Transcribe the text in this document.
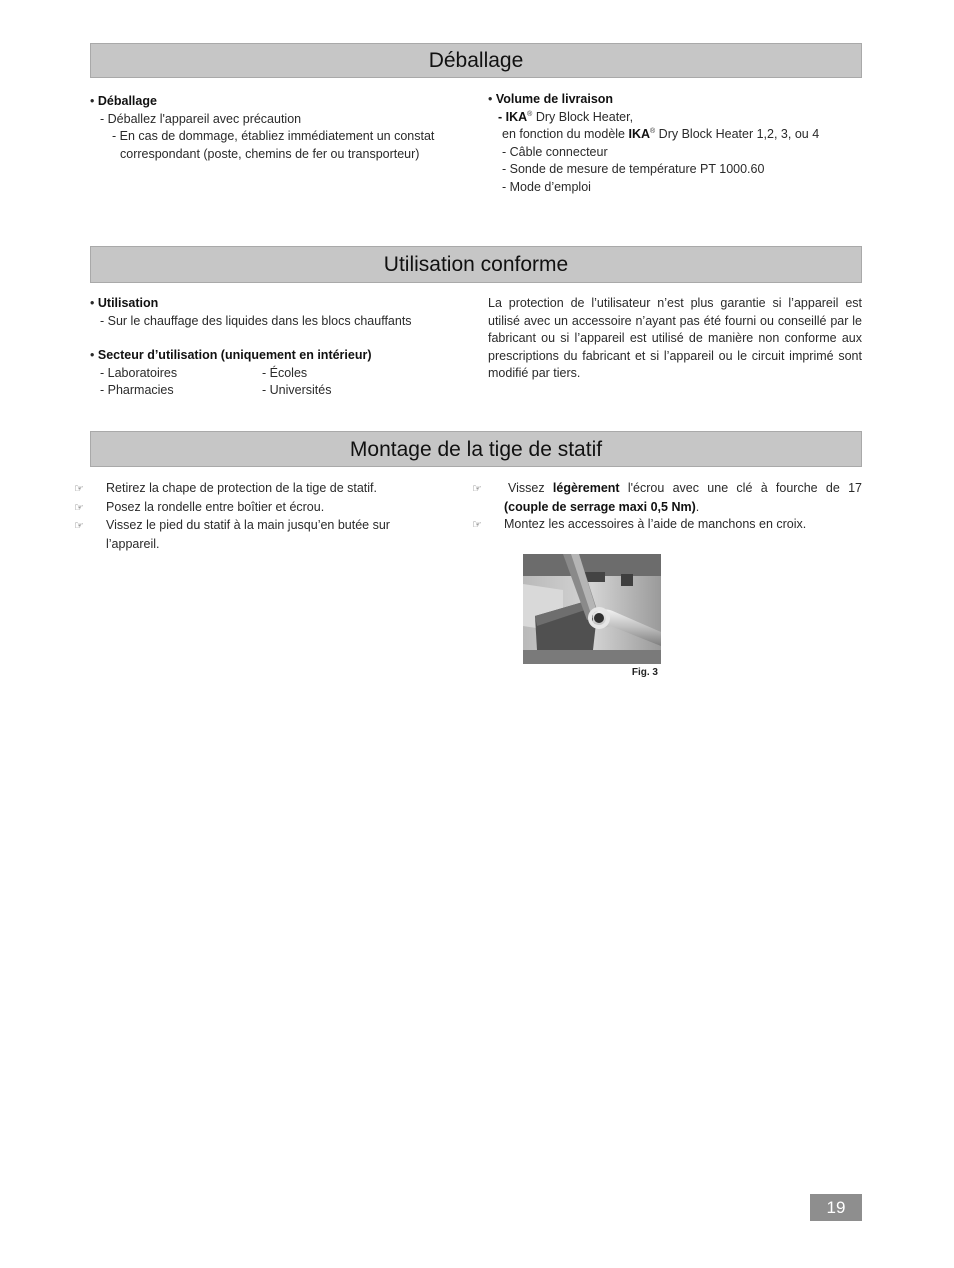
Déballage
• Déballage
- Déballez l'appareil avec précaution
- En cas de dommage, établiez immédiatement un constat
correspondant (poste, chemins de fer ou transporteur)
• Volume de livraison
- IKA® Dry Block Heater,
en fonction du modèle IKA® Dry Block Heater 1,2, 3, ou 4
- Câble connecteur
- Sonde de mesure de température PT 1000.60
- Mode d’emploi
Utilisation conforme
• Utilisation
- Sur le chauffage des liquides dans les blocs chauffants
• Secteur d’utilisation (uniquement en intérieur)
- Laboratoires	- Écoles
- Pharmacies	- Universités
La protection de l’utilisateur n’est plus garantie si l’appareil est utilisé avec un accessoire n’ayant pas été fourni ou conseillé par le fabricant ou si l’appareil est utilisé de manière non conforme aux prescriptions du fabricant et si l’appareil ou le circuit imprimé sont modifié par tiers.
Montage de la tige de statif
☞ Retirez la chape de protection de la tige de statif.
☞ Posez la rondelle entre boîtier et écrou.
☞ Vissez le pied du statif à la main jusqu’en butée sur l’appareil.
☞ Vissez légèrement l'écrou avec une clé à fourche de 17 (couple de serrage maxi 0,5 Nm).
☞ Montez les accessoires à l’aide de manchons en croix.
Fig. 3
19
